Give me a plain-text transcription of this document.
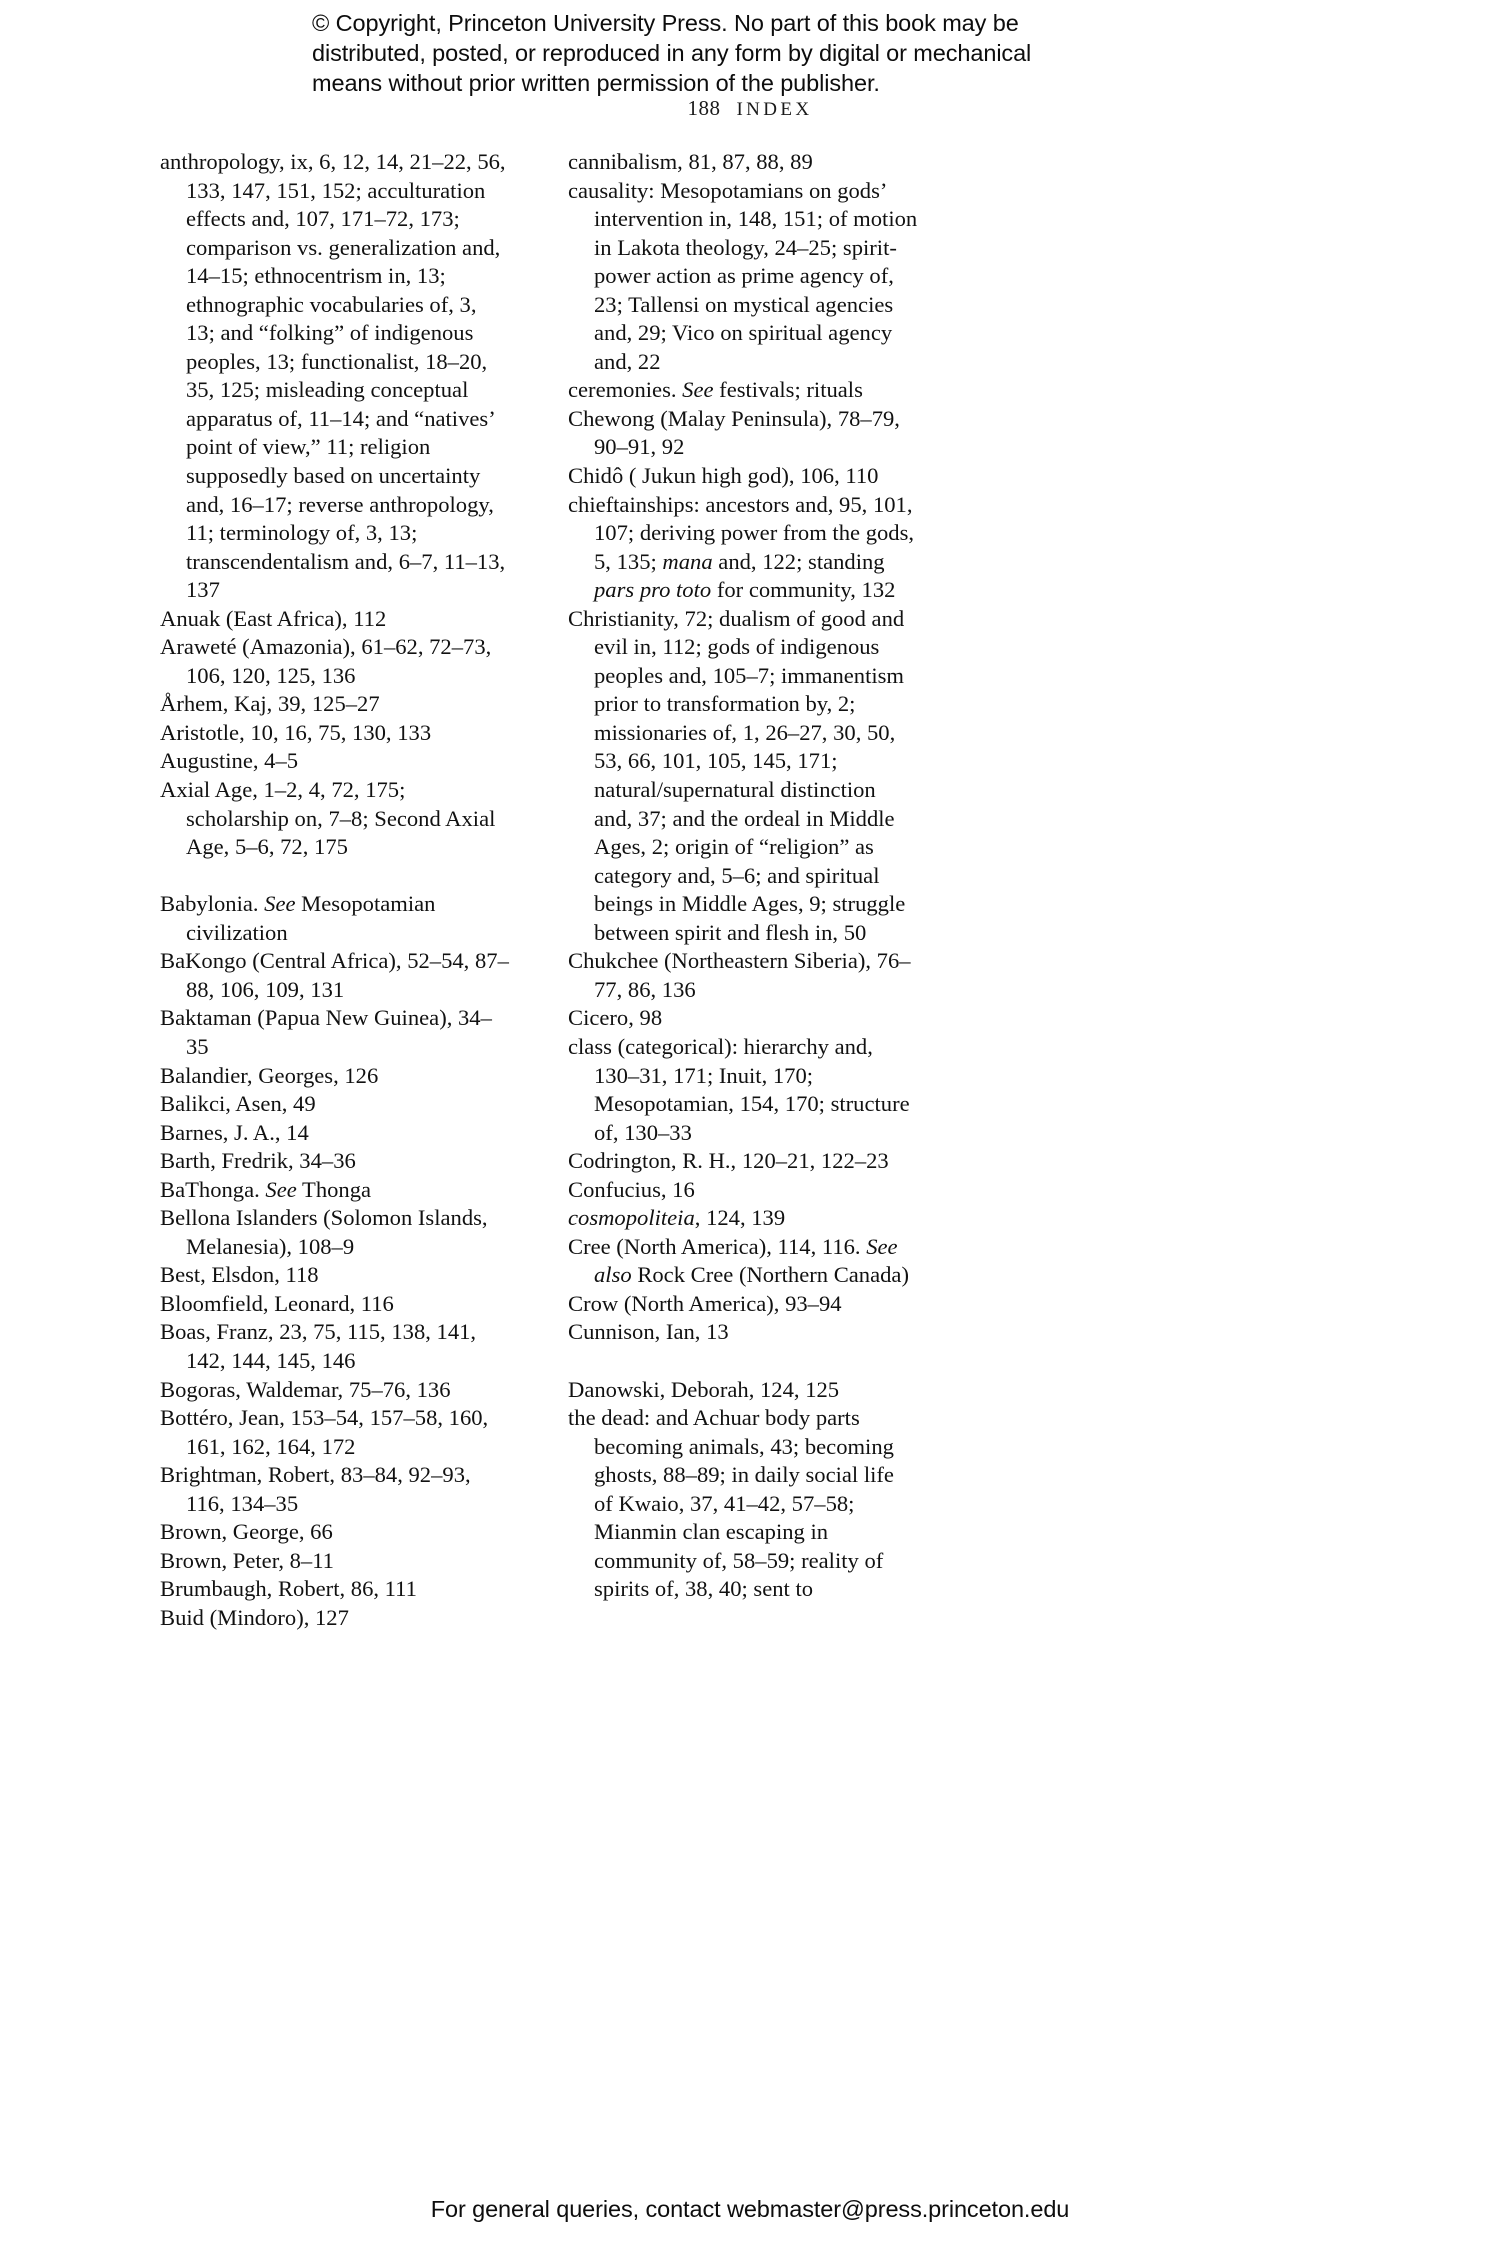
© Copyright, Princeton University Press. No part of this book may be
distributed, posted, or reproduced in any form by digital or mechanical
means without prior written permission of the publisher.
188 INDEX
anthropology, ix, 6, 12, 14, 21–22, 56, 133, 147, 151, 152; acculturation effects and, 107, 171–72, 173; comparison vs. generalization and, 14–15; ethnocentrism in, 13; ethnographic vocabularies of, 3, 13; and “folking” of indigenous peoples, 13; functionalist, 18–20, 35, 125; misleading conceptual apparatus of, 11–14; and “natives’ point of view,” 11; religion supposedly based on uncertainty and, 16–17; reverse anthropology, 11; terminology of, 3, 13; transcendentalism and, 6–7, 11–13, 137
Anuak (East Africa), 112
Araweté (Amazonia), 61–62, 72–73, 106, 120, 125, 136
Århem, Kaj, 39, 125–27
Aristotle, 10, 16, 75, 130, 133
Augustine, 4–5
Axial Age, 1–2, 4, 72, 175; scholarship on, 7–8; Second Axial Age, 5–6, 72, 175
Babylonia. See Mesopotamian civilization
BaKongo (Central Africa), 52–54, 87–88, 106, 109, 131
Baktaman (Papua New Guinea), 34–35
Balandier, Georges, 126
Balikci, Asen, 49
Barnes, J. A., 14
Barth, Fredrik, 34–36
BaThonga. See Thonga
Bellona Islanders (Solomon Islands, Melanesia), 108–9
Best, Elsdon, 118
Bloomfield, Leonard, 116
Boas, Franz, 23, 75, 115, 138, 141, 142, 144, 145, 146
Bogoras, Waldemar, 75–76, 136
Bottéro, Jean, 153–54, 157–58, 160, 161, 162, 164, 172
Brightman, Robert, 83–84, 92–93, 116, 134–35
Brown, George, 66
Brown, Peter, 8–11
Brumbaugh, Robert, 86, 111
Buid (Mindoro), 127
cannibalism, 81, 87, 88, 89
causality: Mesopotamians on gods’ intervention in, 148, 151; of motion in Lakota theology, 24–25; spirit-power action as prime agency of, 23; Tallensi on mystical agencies and, 29; Vico on spiritual agency and, 22
ceremonies. See festivals; rituals
Chewong (Malay Peninsula), 78–79, 90–91, 92
Chidô ( Jukun high god), 106, 110
chieftainships: ancestors and, 95, 101, 107; deriving power from the gods, 5, 135; mana and, 122; standing pars pro toto for community, 132
Christianity, 72; dualism of good and evil in, 112; gods of indigenous peoples and, 105–7; immanentism prior to transformation by, 2; missionaries of, 1, 26–27, 30, 50, 53, 66, 101, 105, 145, 171; natural/supernatural distinction and, 37; and the ordeal in Middle Ages, 2; origin of “religion” as category and, 5–6; and spiritual beings in Middle Ages, 9; struggle between spirit and flesh in, 50
Chukchee (Northeastern Siberia), 76–77, 86, 136
Cicero, 98
class (categorical): hierarchy and, 130–31, 171; Inuit, 170; Mesopotamian, 154, 170; structure of, 130–33
Codrington, R. H., 120–21, 122–23
Confucius, 16
cosmopoliteia, 124, 139
Cree (North America), 114, 116. See also Rock Cree (Northern Canada)
Crow (North America), 93–94
Cunnison, Ian, 13
Danowski, Deborah, 124, 125
the dead: and Achuar body parts becoming animals, 43; becoming ghosts, 88–89; in daily social life of Kwaio, 37, 41–42, 57–58; Mianmin clan escaping in community of, 58–59; reality of spirits of, 38, 40; sent to
For general queries, contact webmaster@press.princeton.edu
